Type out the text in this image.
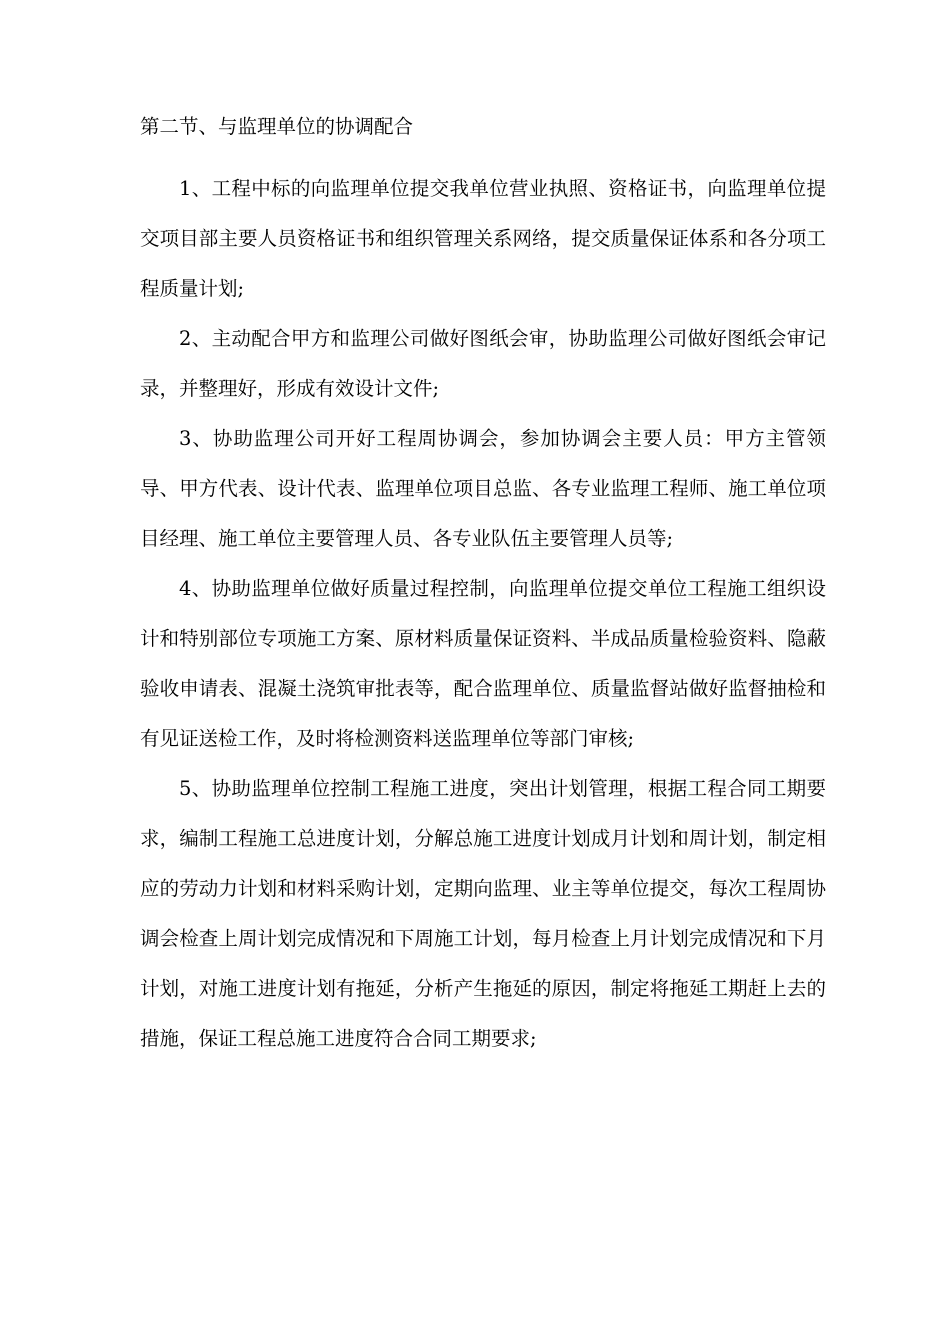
第二节、与监理单位的协调配合

1、工程中标的向监理单位提交我单位营业执照、资格证书，向监理单位提交项目部主要人员资格证书和组织管理关系网络，提交质量保证体系和各分项工程质量计划;

2、主动配合甲方和监理公司做好图纸会审，协助监理公司做好图纸会审记录，并整理好，形成有效设计文件;

3、协助监理公司开好工程周协调会，参加协调会主要人员：甲方主管领导、甲方代表、设计代表、监理单位项目总监、各专业监理工程师、施工单位项目经理、施工单位主要管理人员、各专业队伍主要管理人员等;

4、协助监理单位做好质量过程控制，向监理单位提交单位工程施工组织设计和特别部位专项施工方案、原材料质量保证资料、半成品质量检验资料、隐蔽验收申请表、混凝土浇筑审批表等，配合监理单位、质量监督站做好监督抽检和有见证送检工作，及时将检测资料送监理单位等部门审核;

5、协助监理单位控制工程施工进度，突出计划管理，根据工程合同工期要求，编制工程施工总进度计划，分解总施工进度计划成月计划和周计划，制定相应的劳动力计划和材料采购计划，定期向监理、业主等单位提交，每次工程周协调会检查上周计划完成情况和下周施工计划，每月检查上月计划完成情况和下月计划，对施工进度计划有拖延，分析产生拖延的原因，制定将拖延工期赶上去的措施，保证工程总施工进度符合合同工期要求;
